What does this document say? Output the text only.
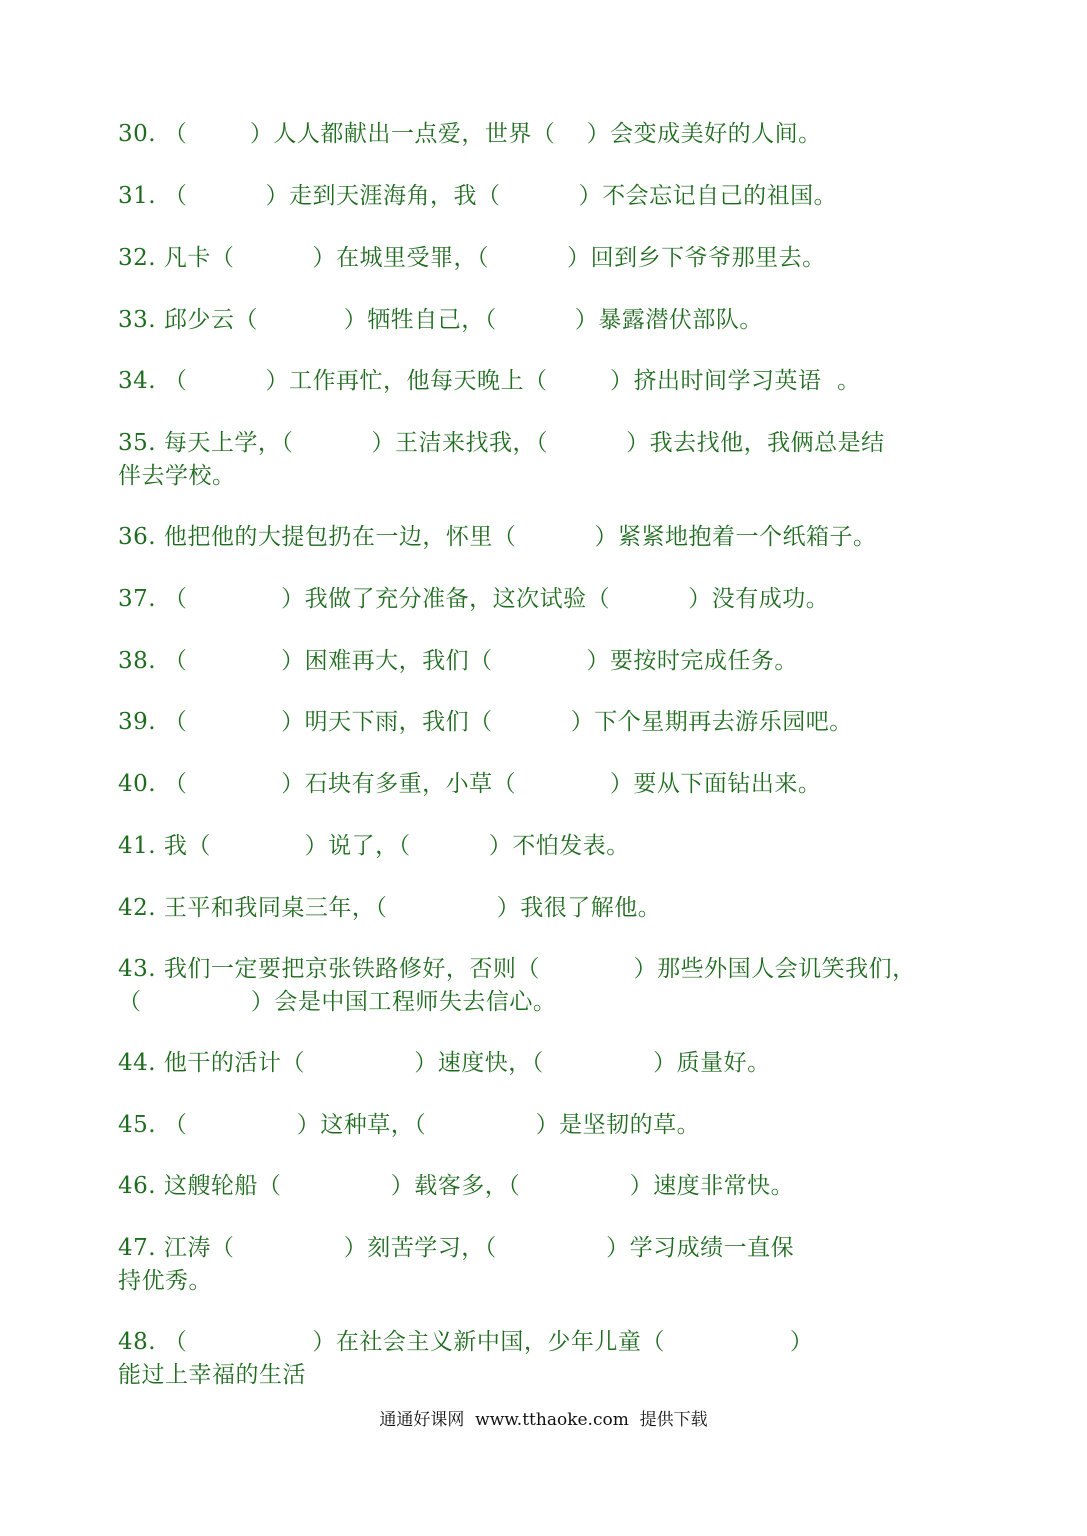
30. （        ）人人都献出一点爱，世界（    ）会变成美好的人间。
31. （          ）走到天涯海角，我（          ）不会忘记自己的祖国。
32. 凡卡（          ）在城里受罪，（          ）回到乡下爷爷那里去。
33. 邱少云（           ）牺牲自己，（          ）暴露潜伏部队。
34. （          ）工作再忙，他每天晚上（        ）挤出时间学习英语  。
35. 每天上学，（          ）王洁来找我，（          ）我去找他，我俩总是结
伴去学校。
36. 他把他的大提包扔在一边，怀里（          ）紧紧地抱着一个纸箱子。
37. （            ）我做了充分准备，这次试验（          ）没有成功。
38. （            ）困难再大，我们（            ）要按时完成任务。
39. （            ）明天下雨，我们（          ）下个星期再去游乐园吧。
40. （            ）石块有多重，小草（            ）要从下面钻出来。
41. 我（            ）说了，（          ）不怕发表。
42. 王平和我同桌三年，（              ）我很了解他。
43. 我们一定要把京张铁路修好，否则（            ）那些外国人会讥笑我们，
（              ）会是中国工程师失去信心。
44. 他干的活计（              ）速度快，（              ）质量好。
45. （              ）这种草，（              ）是坚韧的草。
46. 这艘轮船（              ）载客多，（              ）速度非常快。
47. 江涛（              ）刻苦学习，（              ）学习成绩一直保
持优秀。
48. （                ）在社会主义新中国，少年儿童（                ）
能过上幸福的生活
通通好课网  www.tthaoke.com  提供下载
